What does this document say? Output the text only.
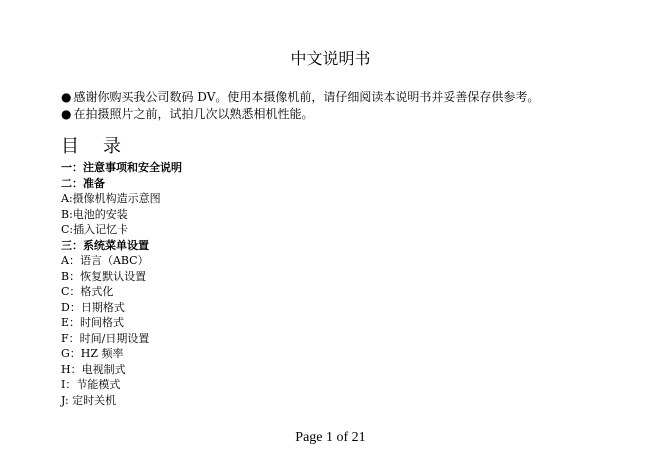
中文说明书
● 感谢你购买我公司数码 DV。使用本摄像机前，请仔细阅读本说明书并妥善保存供参考。
● 在拍摄照片之前，试拍几次以熟悉相机性能。
目录
一：注意事项和安全说明
二：准备
A:摄像机构造示意图
B:电池的安装
C:插入记忆卡
三：系统菜单设置
A：语言（ABC）
B：恢复默认设置
C：格式化
D：日期格式
E：时间格式
F：时间/日期设置
G：HZ 频率
H：电视制式
I：节能模式
J: 定时关机
Page 1 of 21
